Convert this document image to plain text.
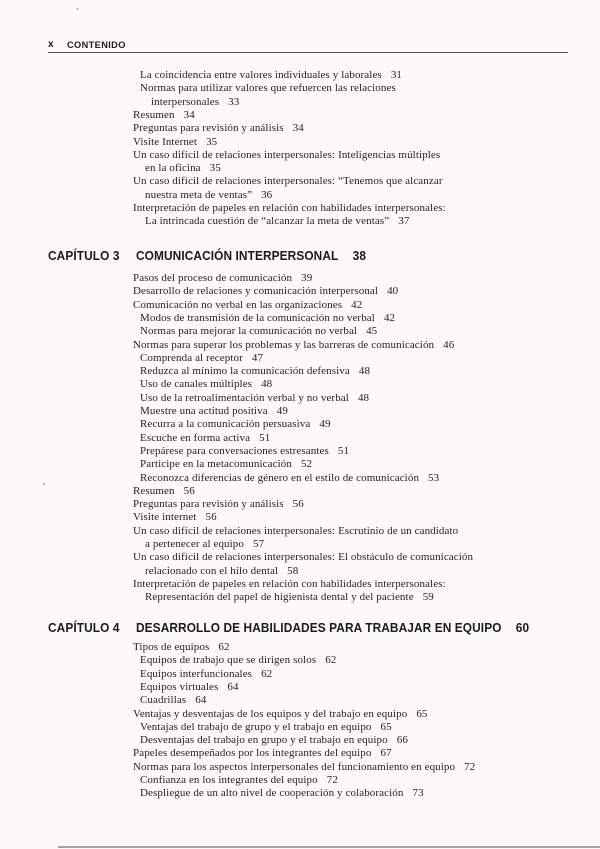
x CONTENIDO
La coincidencia entre valores individuales y laborales 31
Normas para utilizar valores que refuercen las relaciones
interpersonales 33
Resumen 34
Preguntas para revisión y análisis 34
Visite Internet 35
Un caso difícil de relaciones interpersonales: Inteligencias múltiples
en la oficina 35
Un caso difícil de relaciones interpersonales: “Tenemos que alcanzar
nuestra meta de ventas” 36
Interpretación de papeles en relación con habilidades interpersonales:
La intrincada cuestión de “alcanzar la meta de ventas” 37
CAPÍTULO 3 COMUNICACIÓN INTERPERSONAL 38
Pasos del proceso de comunicación 39
Desarrollo de relaciones y comunicación interpersonal 40
Comunicación no verbal en las organizaciones 42
Modos de transmisión de la comunicación no verbal 42
Normas para mejorar la comunicación no verbal 45
Normas para superar los problemas y las barreras de comunicación 46
Comprenda al receptor 47
Reduzca al mínimo la comunicación defensiva 48
Uso de canales múltiples 48
Uso de la retroalimentación verbal y no verbal 48
Muestre una actitud positiva 49
Recurra a la comunicación persuasiva 49
Escuche en forma activa 51
Prepárese para conversaciones estresantes 51
Participe en la metacomunicación 52
Reconozca diferencias de género en el estilo de comunicación 53
Resumen 56
Preguntas para revisión y análisis 56
Visite internet 56
Un caso difícil de relaciones interpersonales: Escrutinio de un candidato
a pertenecer al equipo 57
Un caso difícil de relaciones interpersonales: El obstáculo de comunicación
relacionado con el hilo dental 58
Interpretación de papeles en relación con habilidades interpersonales:
Representación del papel de higienista dental y del paciente 59
CAPÍTULO 4 DESARROLLO DE HABILIDADES PARA TRABAJAR EN EQUIPO 60
Tipos de equipos 62
Equipos de trabajo que se dirigen solos 62
Equipos interfuncionales 62
Equipos virtuales 64
Cuadrillas 64
Ventajas y desventajas de los equipos y del trabajo en equipo 65
Ventajas del trabajo de grupo y el trabajo en equipo 65
Desventajas del trabajo en grupo y el trabajo en equipo 66
Papeles desempeñados por los integrantes del equipo 67
Normas para los aspectos interpersonales del funcionamiento en equipo 72
Confianza en los integrantes del equipo 72
Despliegue de un alto nivel de cooperación y colaboración 73
